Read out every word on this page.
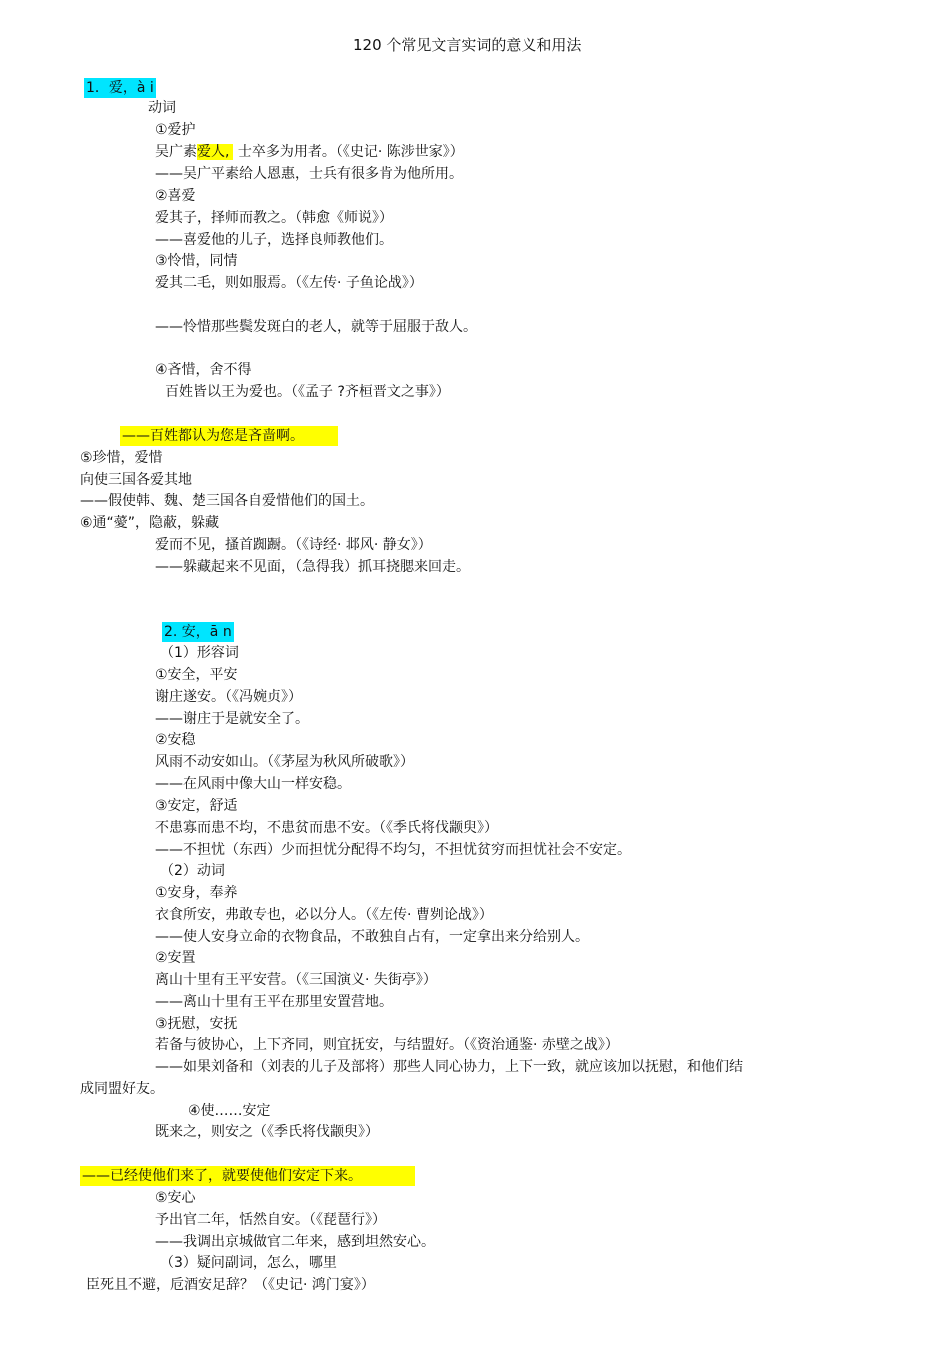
120 个常见文言实词的意义和用法
1．爱，à i
动词
①爱护
吴广素爱人, 士卒多为用者。（《史记· 陈涉世家》）
——吴广平素给人恩惠，士兵有很多肯为他所用。
②喜爱
爱其子，择师而教之。（韩愈《师说》）
——喜爱他的儿子，选择良师教他们。
③怜惜，同情
爱其二毛，则如服焉。（《左传· 子鱼论战》）
——怜惜那些鬓发斑白的老人，就等于屈服于敌人。
④吝惜，舍不得
百姓皆以王为爱也。（《孟子 ?齐桓晋文之事》）
——百姓都认为您是吝啬啊。
⑤珍惜，爱惜
向使三国各爱其地
——假使韩、魏、楚三国各自爱惜他们的国土。
⑥通“薆”，隐蔽，躲藏
爱而不见，搔首踟蹰。（《诗经· 邶风· 静女》）
——躲藏起来不见面，（急得我）抓耳挠腮来回走。
2. 安，ā n
（1）形容词
①安全，平安
谢庄遂安。（《冯婉贞》）
——谢庄于是就安全了。
②安稳
风雨不动安如山。（《茅屋为秋风所破歌》）
——在风雨中像大山一样安稳。
③安定，舒适
不患寡而患不均，不患贫而患不安。（《季氏将伐颛臾》）
——不担忧（东西）少而担忧分配得不均匀，不担忧贫穷而担忧社会不安定。
（2）动词
①安身，奉养
衣食所安，弗敢专也，必以分人。（《左传· 曹刿论战》）
——使人安身立命的衣物食品，不敢独自占有，一定拿出来分给别人。
②安置
离山十里有王平安营。（《三国演义· 失街亭》）
——离山十里有王平在那里安置营地。
③抚慰，安抚
若备与彼协心，上下齐同，则宜抚安，与结盟好。（《资治通鉴· 赤壁之战》）
——如果刘备和（刘表的儿子及部将）那些人同心协力，上下一致，就应该加以抚慰，和他们结
成同盟好友。
④使……安定
既来之，则安之（《季氏将伐颛臾》）
——已经使他们来了，就要使他们安定下来。
⑤安心
予出官二年，恬然自安。（《琵琶行》）
——我调出京城做官二年来，感到坦然安心。
（3）疑问副词，怎么，哪里
臣死且不避，卮酒安足辞？（《史记· 鸿门宴》）
